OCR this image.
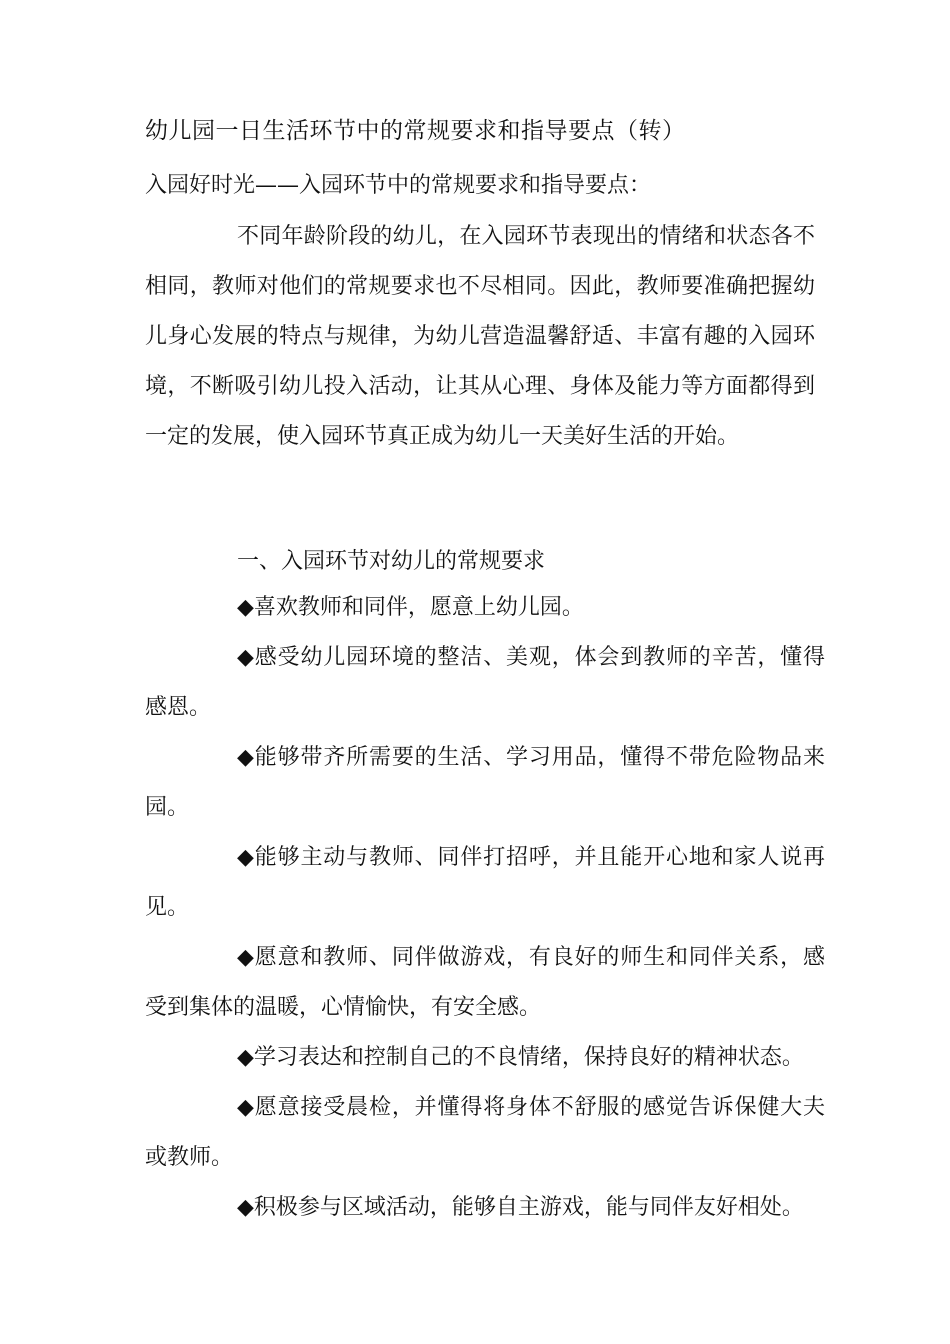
幼儿园一日生活环节中的常规要求和指导要点（转）
入园好时光——入园环节中的常规要求和指导要点：

不同年龄阶段的幼儿，在入园环节表现出的情绪和状态各不相同，教师对他们的常规要求也不尽相同。因此，教师要准确把握幼儿身心发展的特点与规律，为幼儿营造温馨舒适、丰富有趣的入园环境，不断吸引幼儿投入活动，让其从心理、身体及能力等方面都得到一定的发展，使入园环节真正成为幼儿一天美好生活的开始。

一、入园环节对幼儿的常规要求
◆喜欢教师和同伴，愿意上幼儿园。
◆感受幼儿园环境的整洁、美观，体会到教师的辛苦，懂得感恩。
◆能够带齐所需要的生活、学习用品，懂得不带危险物品来园。
◆能够主动与教师、同伴打招呼，并且能开心地和家人说再见。
◆愿意和教师、同伴做游戏，有良好的师生和同伴关系，感受到集体的温暖，心情愉快，有安全感。
◆学习表达和控制自己的不良情绪，保持良好的精神状态。
◆愿意接受晨检，并懂得将身体不舒服的感觉告诉保健大夫或教师。
◆积极参与区域活动，能够自主游戏，能与同伴友好相处。
